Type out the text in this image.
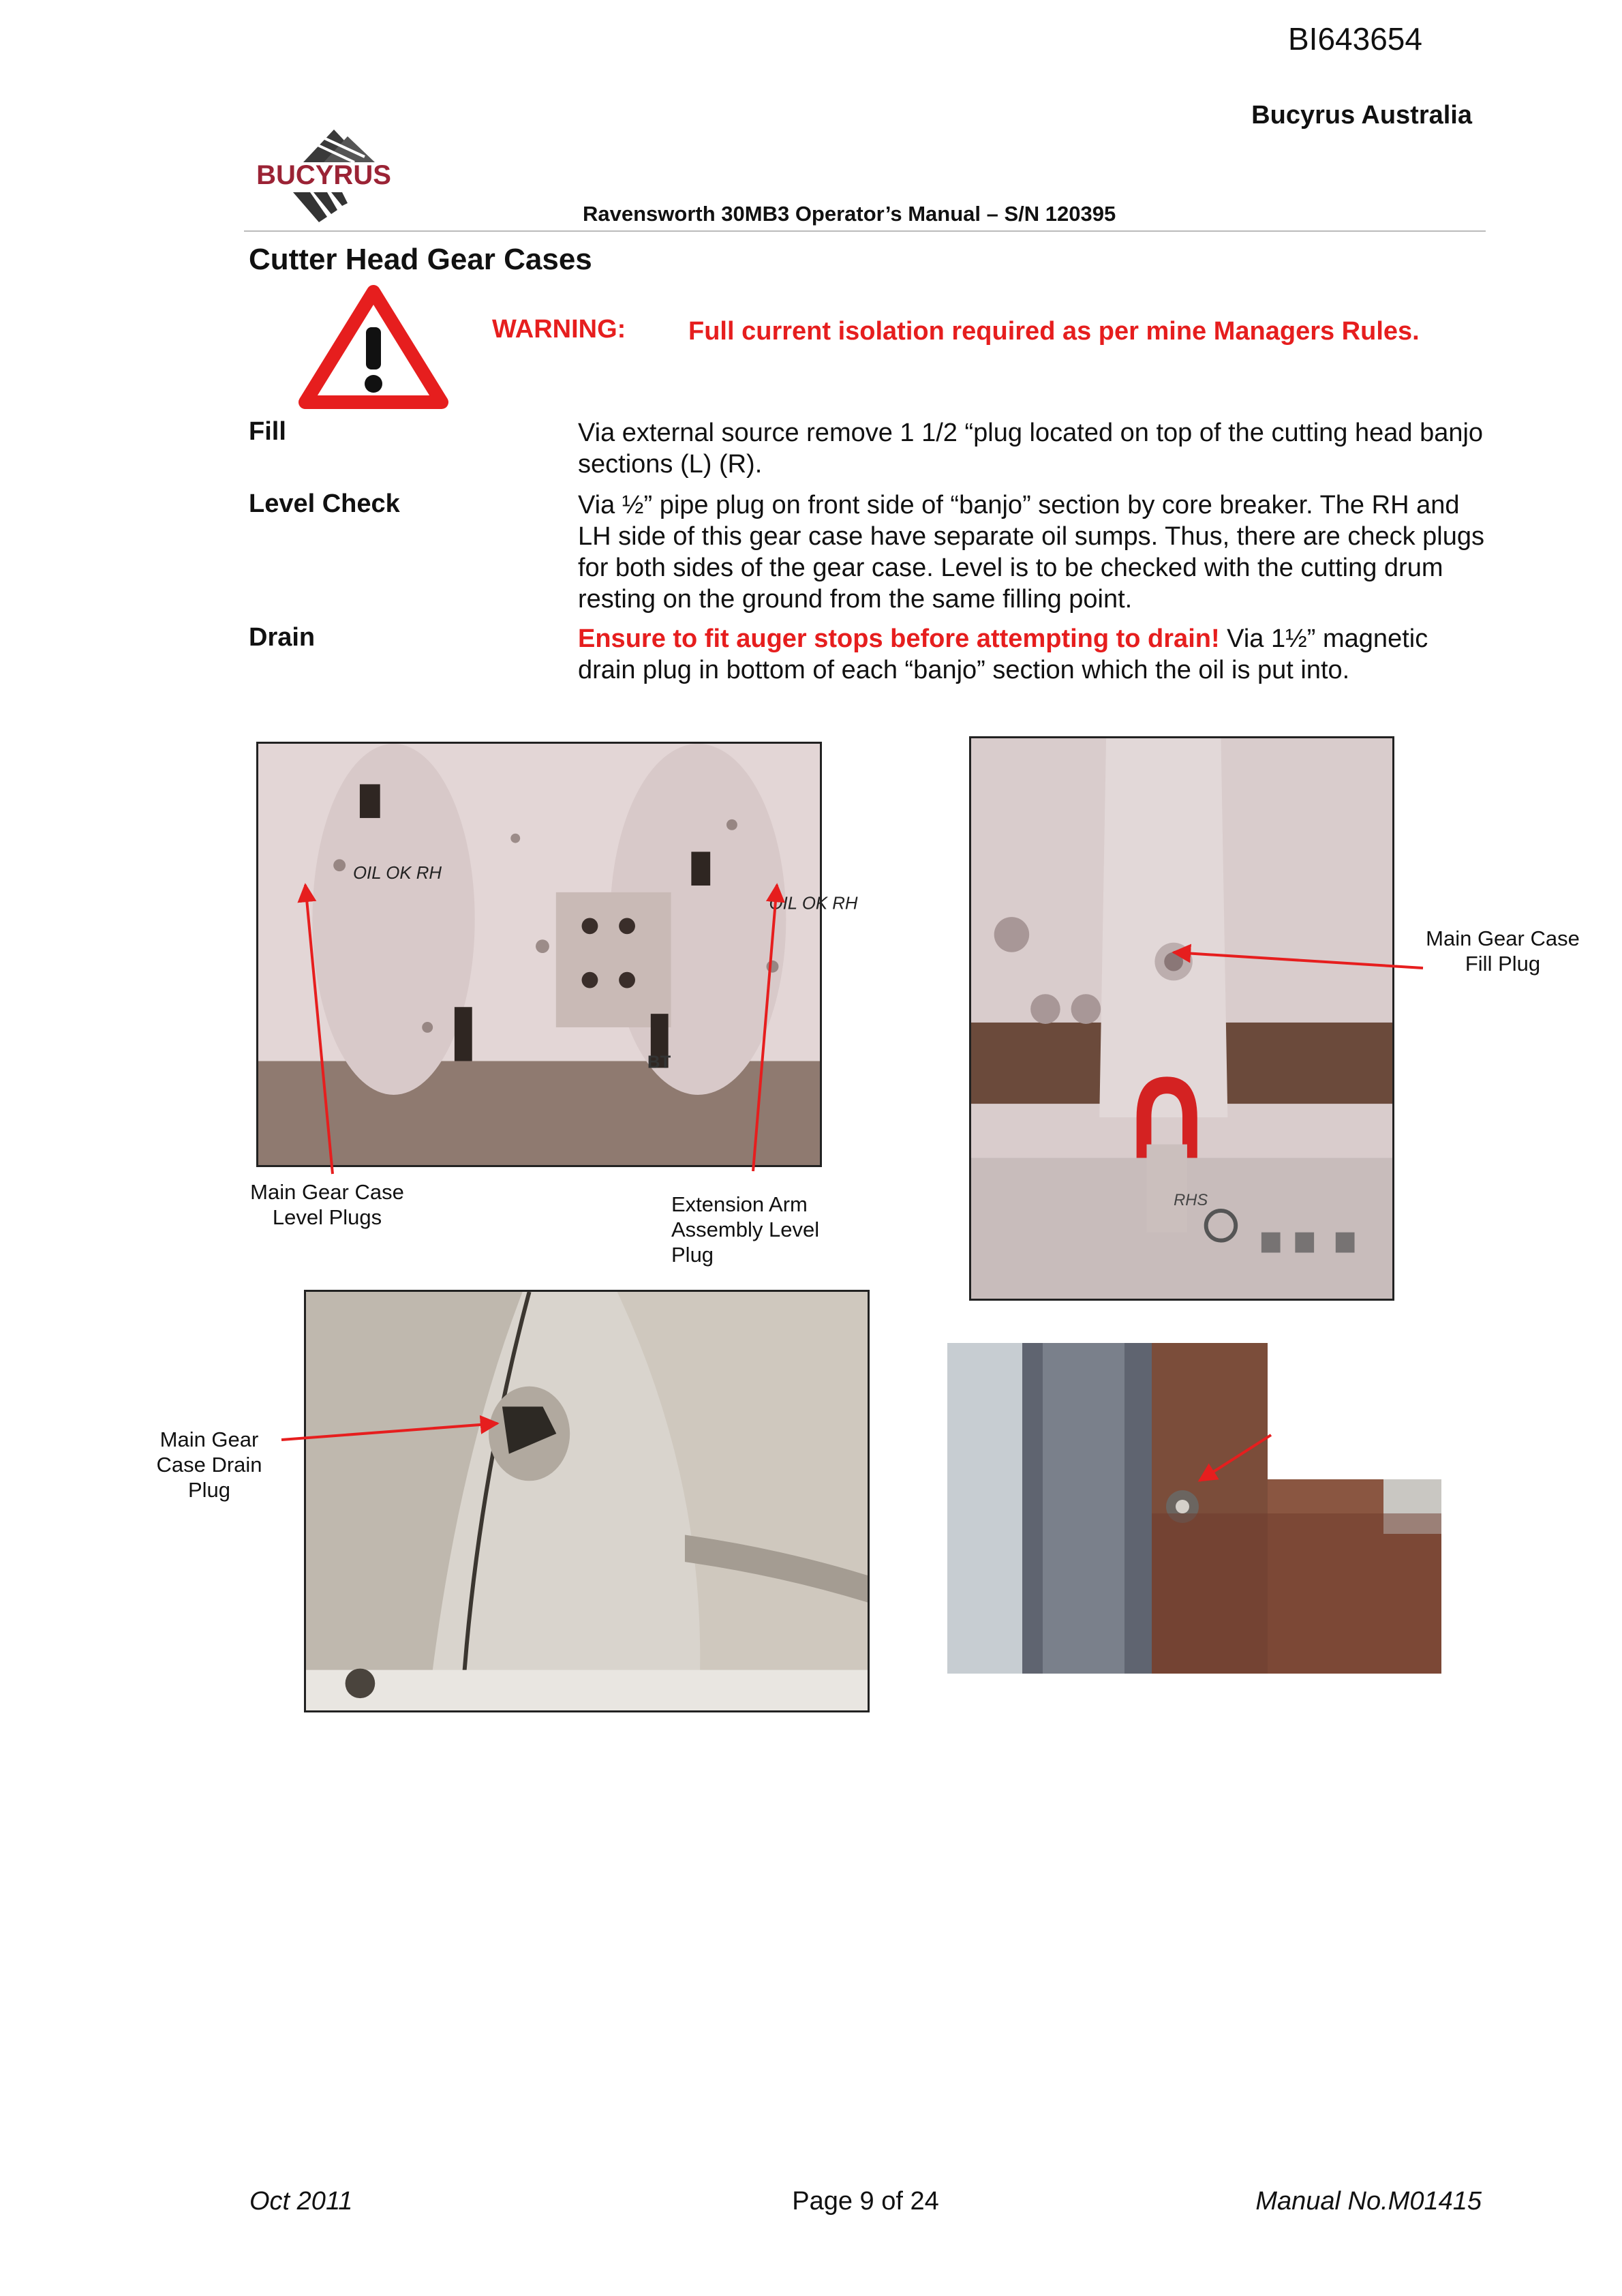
BI643654
Bucyrus Australia
BUCYRUS
Ravensworth 30MB3 Operator’s Manual – S/N 120395
Cutter Head Gear Cases
WARNING: Full current isolation required as per mine Managers Rules.
Fill	Via external source remove 1 1/2 “plug located on top of the cutting head banjo sections (L) (R).
Level Check	Via ½” pipe plug on front side of “banjo” section by core breaker. The RH and LH side of this gear case have separate oil sumps. Thus, there are check plugs for both sides of the gear case. Level is to be checked with the cutting drum resting on the ground from the same filling point.
Drain	Ensure to fit auger stops before attempting to drain! Via 1½” magnetic drain plug in bottom of each “banjo” section which the oil is put into.
OIL OK RH
OIL OK RH
BT
RHS
Main Gear Case Level Plugs
Extension Arm Assembly Level Plug
Main Gear Case Fill Plug
Main Gear Case Drain Plug
Oct 2011	Page 9 of 24	Manual No.M01415
